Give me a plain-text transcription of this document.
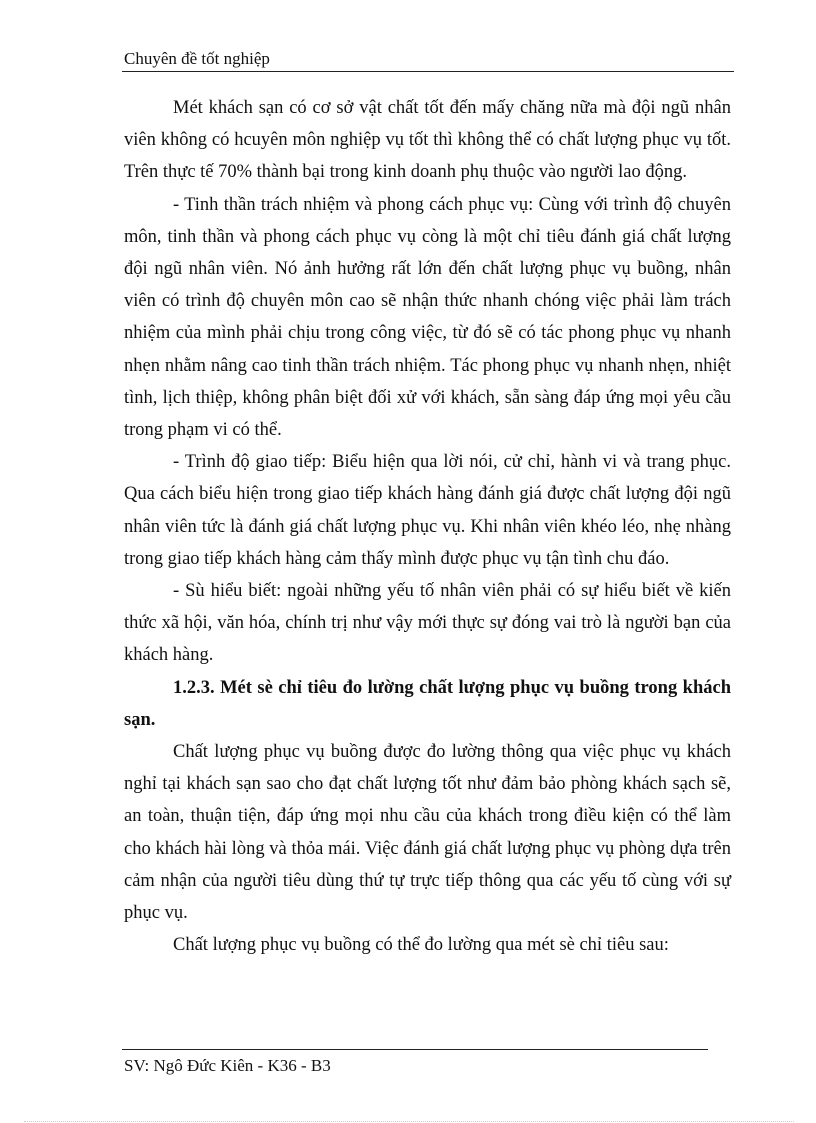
Chuyên đề tốt nghiệp

Mét khách sạn có cơ sở vật chất tốt đến mấy chăng nữa mà đội ngũ nhân viên không có hcuyên môn nghiệp vụ tốt thì không thể có chất lượng phục vụ tốt. Trên thực tế 70% thành bại trong kinh doanh phụ thuộc vào người lao động.

- Tinh thần trách nhiệm và phong cách phục vụ: Cùng với trình độ chuyên môn, tinh thần và phong cách phục vụ còng là một chỉ tiêu đánh giá chất lượng đội ngũ nhân viên. Nó ảnh hưởng rất lớn đến chất lượng phục vụ buồng, nhân viên có trình độ chuyên môn cao sẽ nhận thức nhanh chóng việc phải làm trách nhiệm của mình phải chịu trong công việc, từ đó sẽ có tác phong phục vụ nhanh nhẹn nhằm nâng cao tinh thần trách nhiệm. Tác phong phục vụ nhanh nhẹn, nhiệt tình, lịch thiệp, không phân biệt đối xử với khách, sẵn sàng đáp ứng mọi yêu cầu trong phạm vi có thể.

- Trình độ giao tiếp: Biểu hiện qua lời nói, cử chỉ, hành vi và trang phục. Qua cách biểu hiện trong giao tiếp khách hàng đánh giá được chất lượng đội ngũ nhân viên tức là đánh giá chất lượng phục vụ. Khi nhân viên khéo léo, nhẹ nhàng trong giao tiếp khách hàng cảm thấy mình được phục vụ tận tình chu đáo.

- Sù hiểu biết: ngoài những yếu tố nhân viên phải có sự hiểu biết về kiến thức xã hội, văn hóa, chính trị như vậy mới thực sự đóng vai trò là người bạn của khách hàng.

1.2.3. Mét sè chỉ tiêu đo lường chất lượng phục vụ buồng trong khách sạn.

Chất lượng phục vụ buồng được đo lường thông qua việc phục vụ khách nghỉ tại khách sạn sao cho đạt chất lượng tốt như đảm bảo phòng khách sạch sẽ, an toàn, thuận tiện, đáp ứng mọi nhu cầu của khách trong điều kiện có thể làm cho khách hài lòng và thỏa mái. Việc đánh giá chất lượng phục vụ phòng dựa trên cảm nhận của người tiêu dùng thứ tự trực tiếp thông qua các yếu tố cùng với sự phục vụ.

Chất lượng phục vụ buồng có thể đo lường qua mét sè chỉ tiêu sau:

SV: Ngô Đức Kiên - K36 - B3
